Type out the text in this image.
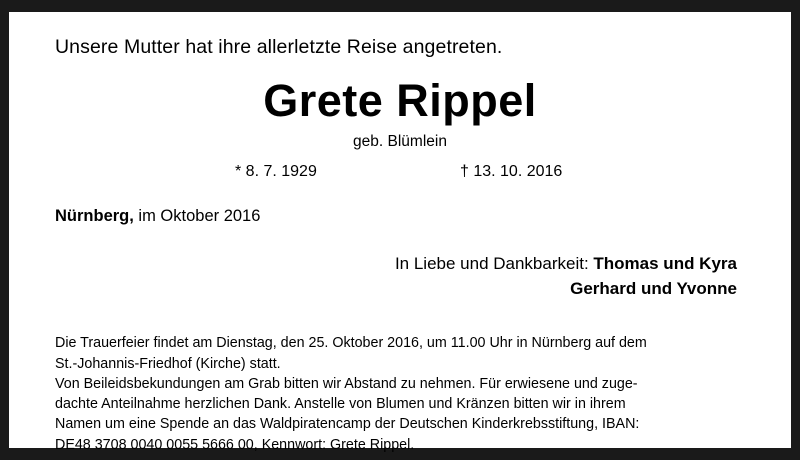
Unsere Mutter hat ihre allerletzte Reise angetreten.
Grete Rippel
geb. Blümlein
* 8. 7. 1929	† 13. 10. 2016
Nürnberg, im Oktober 2016
In Liebe und Dankbarkeit: Thomas und Kyra
Gerhard und Yvonne

Die Trauerfeier findet am Dienstag, den 25. Oktober 2016, um 11.00 Uhr in Nürnberg auf dem

St.-Johannis-Friedhof (Kirche) statt.

Von Beileidsbekundungen am Grab bitten wir Abstand zu nehmen. Für erwiesene und zuge-

dachte Anteilnahme herzlichen Dank. Anstelle von Blumen und Kränzen bitten wir in ihrem

Namen um eine Spende an das Waldpiratencamp der Deutschen Kinderkrebsstiftung, IBAN:

DE48 3708 0040 0055 5666 00, Kennwort: Grete Rippel.
